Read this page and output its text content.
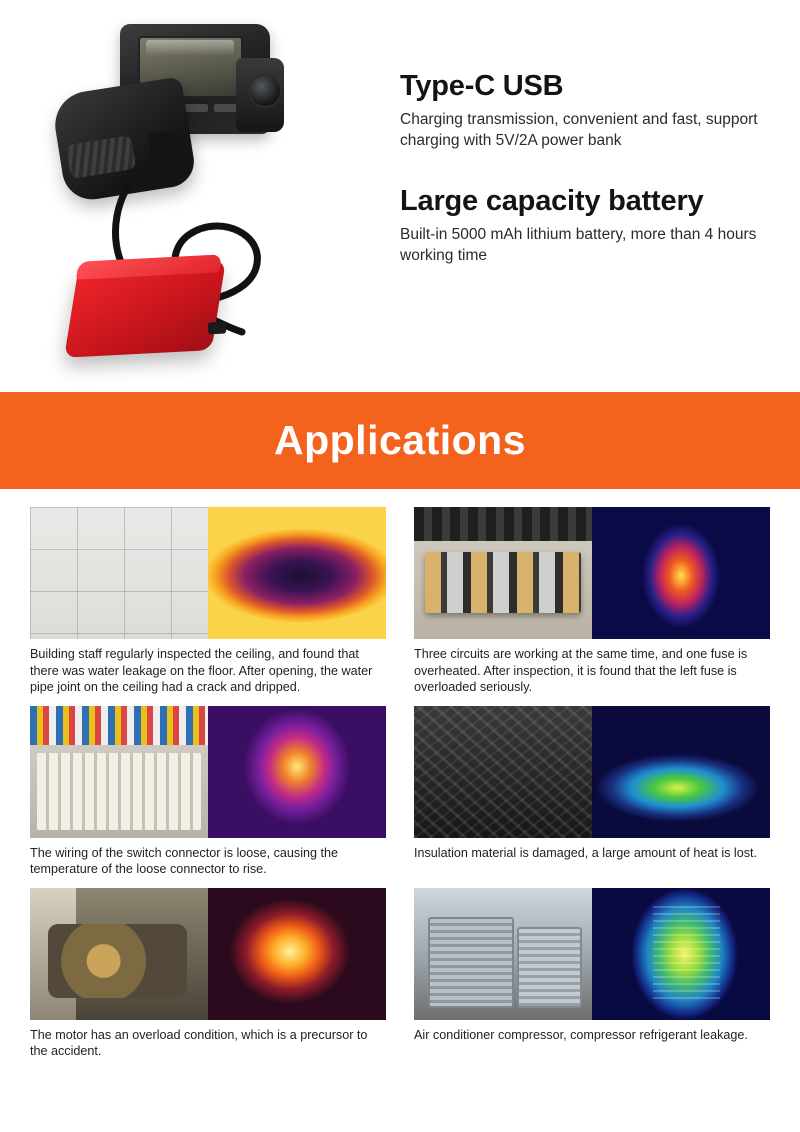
Type-C USB
Charging transmission, convenient and fast, support charging with 5V/2A power bank
Large capacity battery
Built-in 5000 mAh lithium battery, more than 4 hours working time
Applications

Building staff regularly inspected the ceiling, and found that there was water leakage on the floor. After opening, the water pipe joint on the ceiling had a crack and dripped.

Three circuits are working at the same time, and one fuse is overheated. After inspection, it is found that the left fuse is overloaded seriously.

The wiring of the switch connector is loose, causing the temperature of the loose connector to rise.

Insulation material is damaged, a large amount of heat is lost.

The motor has an overload condition, which is a precursor to the accident.

Air conditioner compressor, compressor refrigerant leakage.
